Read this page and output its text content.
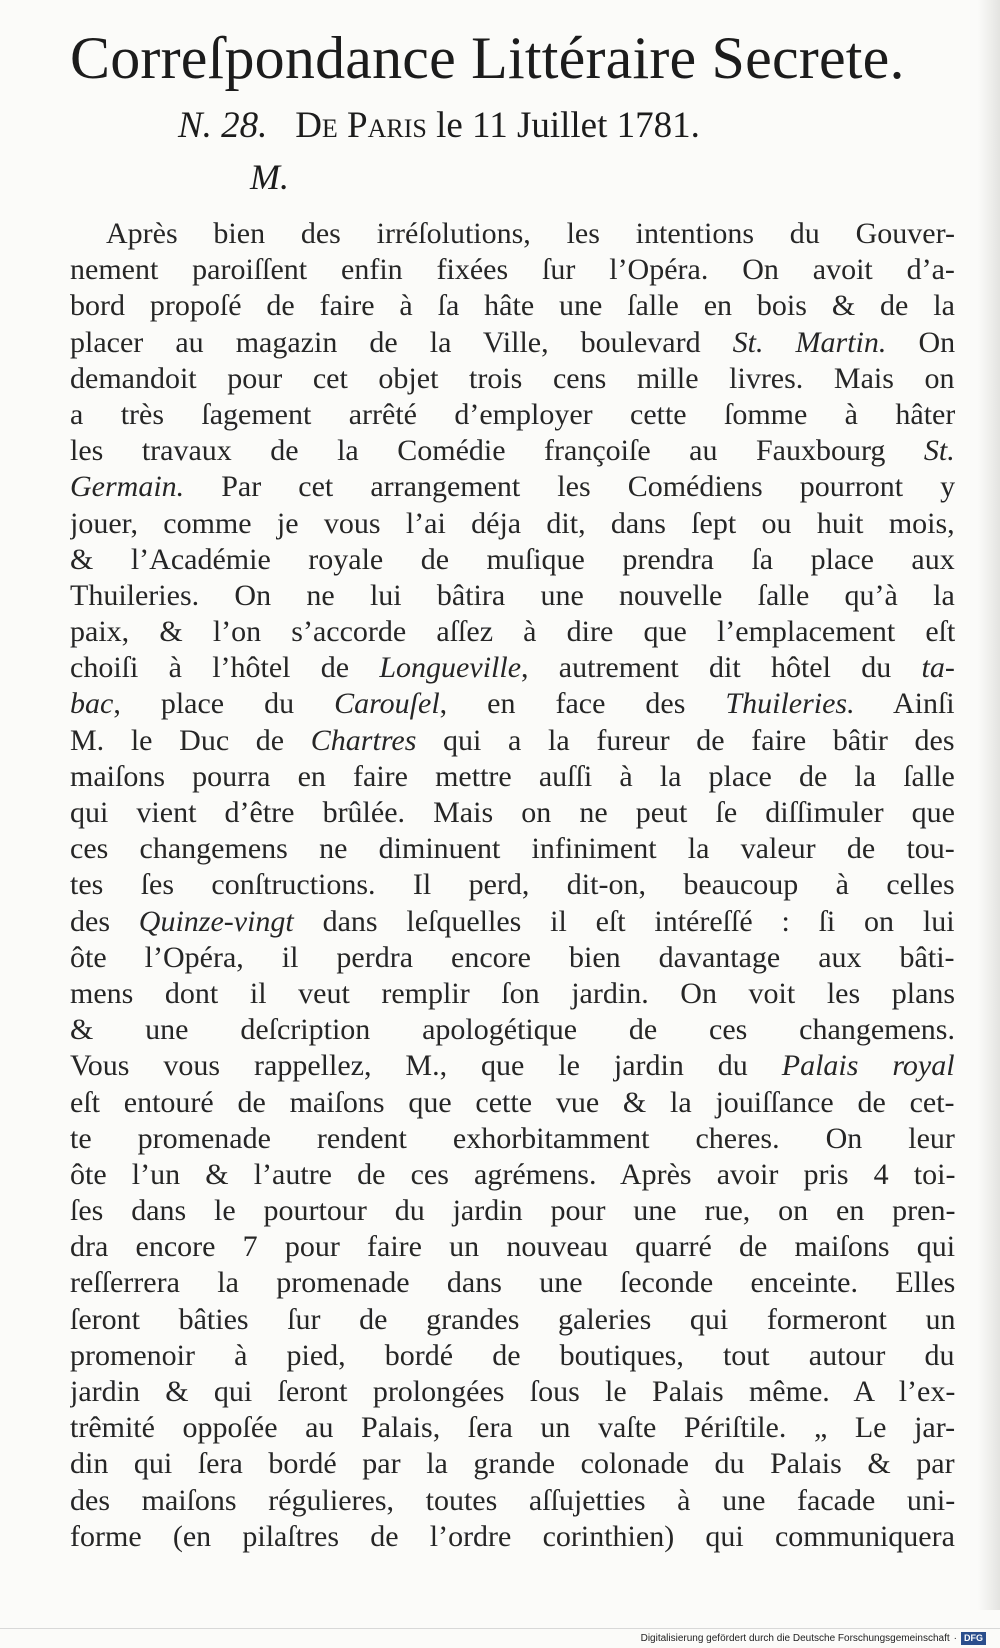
Correſpondance Littéraire Secrete.
N. 28. De Paris le 11 Juillet 1781.
M.
Après bien des irréſolutions, les intentions du Gouver-
nement paroiſſent enfin fixées ſur l’Opéra. On avoit d’a-
bord propoſé de faire à ſa hâte une ſalle en bois & de la
placer au magazin de la Ville, boulevard St. Martin. On
demandoit pour cet objet trois cens mille livres. Mais on
a très ſagement arrêté d’employer cette ſomme à hâter
les travaux de la Comédie françoiſe au Fauxbourg St.
Germain. Par cet arrangement les Comédiens pourront y
jouer, comme je vous l’ai déja dit, dans ſept ou huit mois,
& l’Académie royale de muſique prendra ſa place aux
Thuileries. On ne lui bâtira une nouvelle ſalle qu’à la
paix, & l’on s’accorde aſſez à dire que l’emplacement eſt
choiſi à l’hôtel de Longueville, autrement dit hôtel du ta-
bac, place du Carouſel, en face des Thuileries. Ainſi
M. le Duc de Chartres qui a la fureur de faire bâtir des
maiſons pourra en faire mettre auſſi à la place de la ſalle
qui vient d’être brûlée. Mais on ne peut ſe diſſimuler que
ces changemens ne diminuent infiniment la valeur de tou-
tes ſes conſtructions. Il perd, dit-on, beaucoup à celles
des Quinze-vingt dans leſquelles il eſt intéreſſé : ſi on lui
ôte l’Opéra, il perdra encore bien davantage aux bâti-
mens dont il veut remplir ſon jardin. On voit les plans
& une deſcription apologétique de ces changemens.
Vous vous rappellez, M., que le jardin du Palais royal
eſt entouré de maiſons que cette vue & la jouiſſance de cet-
te promenade rendent exhorbitamment cheres. On leur
ôte l’un & l’autre de ces agrémens. Après avoir pris 4 toi-
ſes dans le pourtour du jardin pour une rue, on en pren-
dra encore 7 pour faire un nouveau quarré de maiſons qui
reſſerrera la promenade dans une ſeconde enceinte. Elles
ſeront bâties ſur de grandes galeries qui formeront un
promenoir à pied, bordé de boutiques, tout autour du
jardin & qui ſeront prolongées ſous le Palais même. A l’ex-
trêmité oppoſée au Palais, ſera un vaſte Périſtile. „ Le jar-
din qui ſera bordé par la grande colonade du Palais & par
des maiſons régulieres, toutes aſſujetties à une facade uni-
forme (en pilaſtres de l’ordre corinthien) qui communiquera
Digitalisierung gefördert durch die Deutsche Forschungsgemeinschaft · DFG
